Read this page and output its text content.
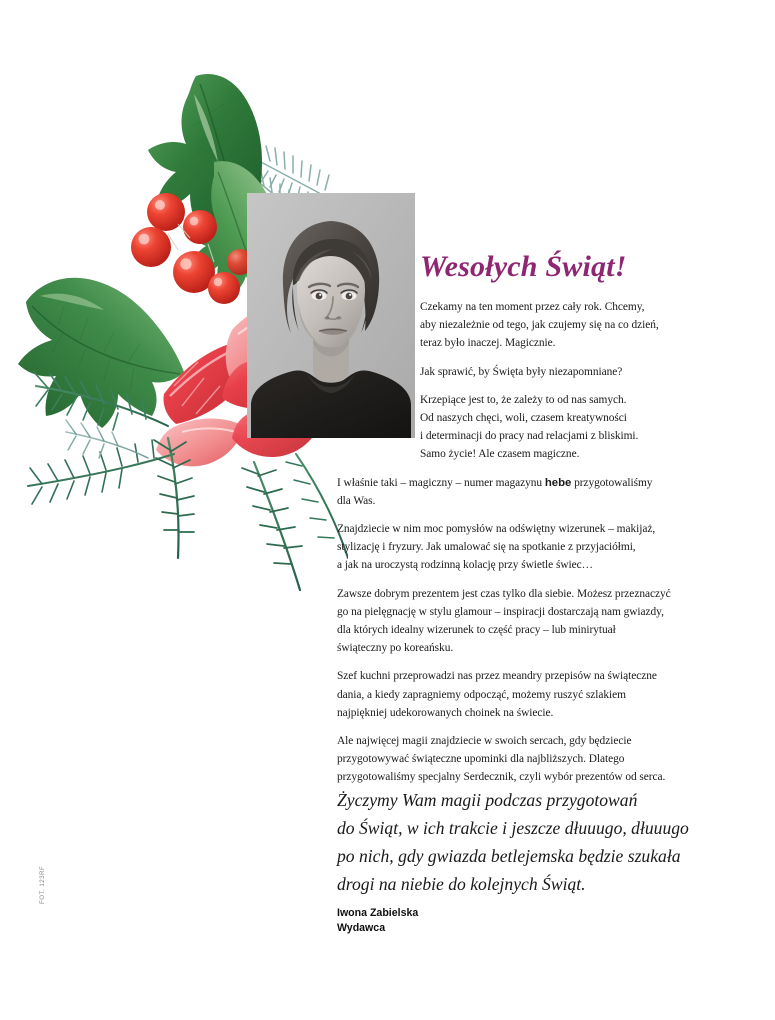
Wesołych Świąt!

Czekamy na ten moment przez cały rok. Chcemy,
aby niezależnie od tego, jak czujemy się na co dzień,
teraz było inaczej. Magicznie.

Jak sprawić, by Święta były niezapomniane?

Krzepiące jest to, że zależy to od nas samych.
Od naszych chęci, woli, czasem kreatywności
i determinacji do pracy nad relacjami z bliskimi.
Samo życie! Ale czasem magiczne.

I właśnie taki – magiczny – numer magazynu hebe przygotowaliśmy
dla Was.

Znajdziecie w nim moc pomysłów na odświętny wizerunek – makijaż,
stylizację i fryzury. Jak umalować się na spotkanie z przyjaciółmi,
a jak na uroczystą rodzinną kolację przy świetle świec…

Zawsze dobrym prezentem jest czas tylko dla siebie. Możesz przeznaczyć
go na pielęgnację w stylu glamour – inspiracji dostarczają nam gwiazdy,
dla których idealny wizerunek to część pracy – lub minirytuał
świąteczny po koreańsku.

Szef kuchni przeprowadzi nas przez meandry przepisów na świąteczne
dania, a kiedy zapragniemy odpocząć, możemy ruszyć szlakiem
najpiękniej udekorowanych choinek na świecie.

Ale najwięcej magii znajdziecie w swoich sercach, gdy będziecie
przygotowywać świąteczne upominki dla najbliższych. Dlatego
przygotowaliśmy specjalny Serdecznik, czyli wybór prezentów od serca.

Życzymy Wam magii podczas przygotowań

do Świąt, w ich trakcie i jeszcze dłuuugo, dłuuugo

po nich, gdy gwiazda betlejemska będzie szukała

drogi na niebie do kolejnych Świąt.

Iwona Zabielska
Wydawca
FOT. 123RF
